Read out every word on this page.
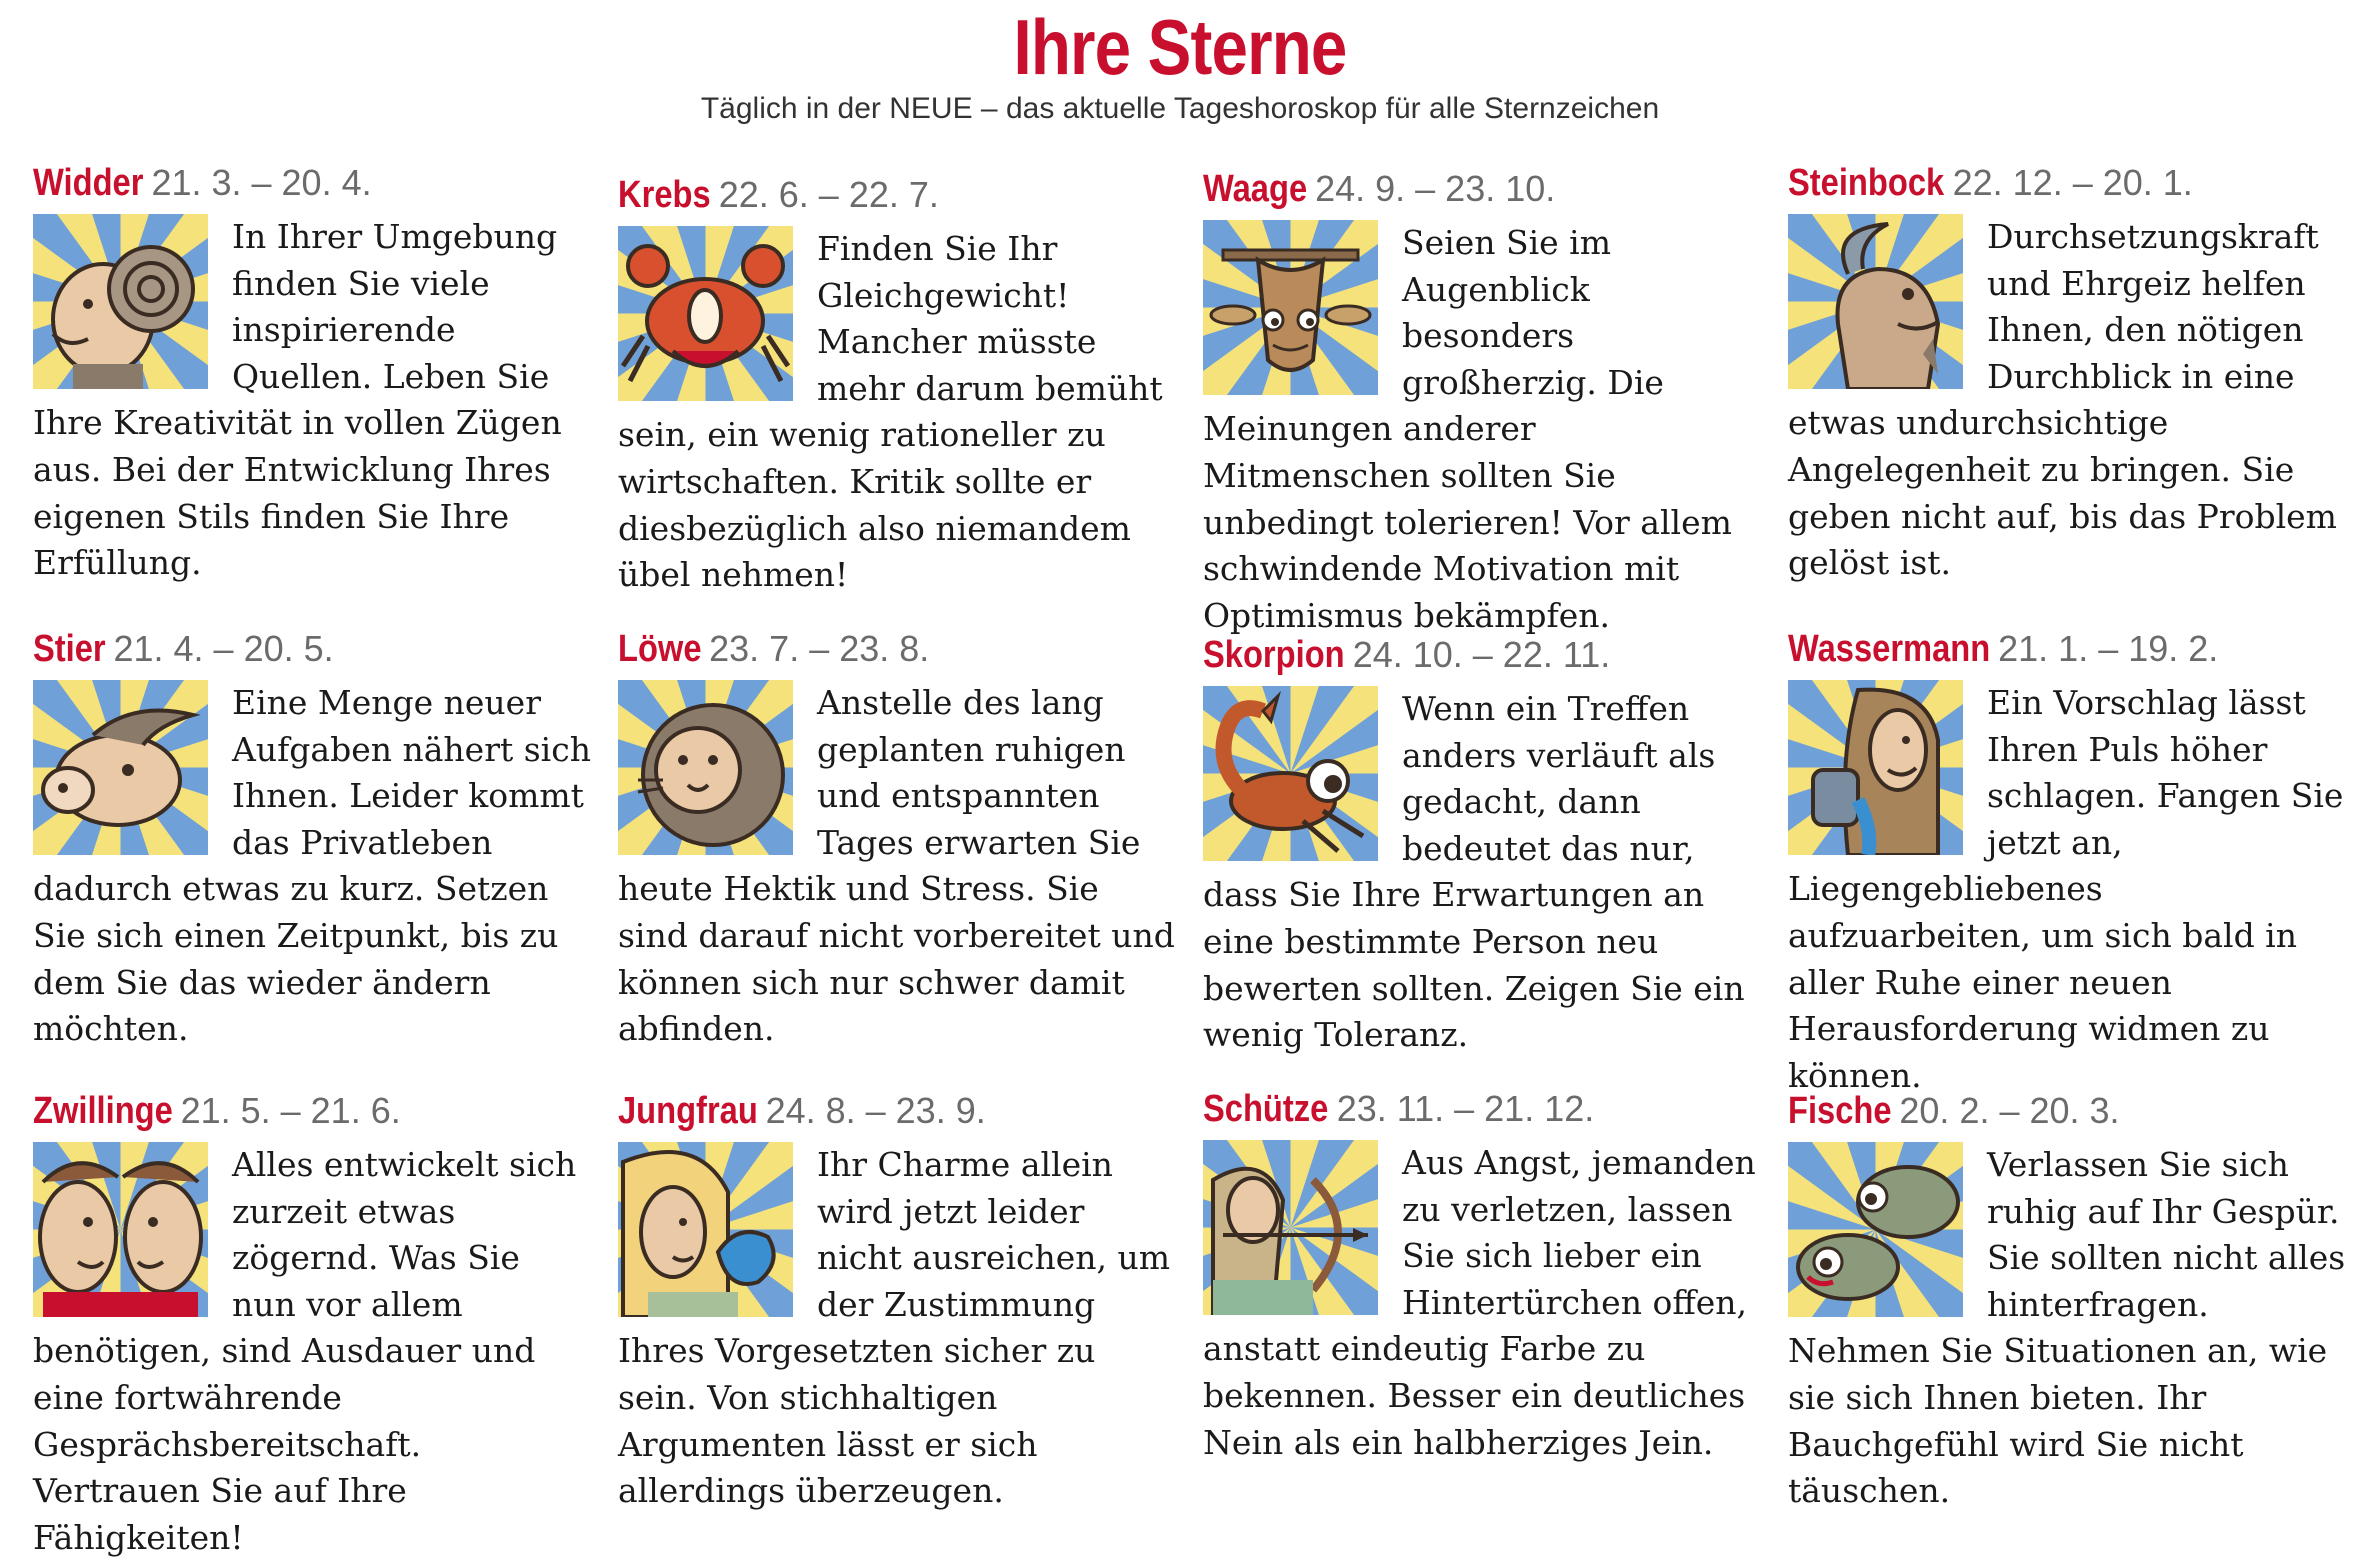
Ihre Sterne
Täglich in der NEUE – das aktuelle Tageshoroskop für alle Sternzeichen
Widder 21. 3. – 20. 4.
In Ihrer Umgebung finden Sie viele inspirierende Quellen. Leben Sie Ihre Kreativität in vollen Zügen aus. Bei der Entwicklung Ihres eigenen Stils finden Sie Ihre Erfüllung.
Krebs 22. 6. – 22. 7.
Finden Sie Ihr Gleichgewicht! Mancher müsste mehr darum bemüht sein, ein wenig rationeller zu wirtschaften. Kritik sollte er diesbezüglich also niemandem übel nehmen!
Waage 24. 9. – 23. 10.
Seien Sie im Augenblick besonders großherzig. Die Meinungen anderer Mitmenschen sollten Sie unbedingt tolerieren! Vor allem schwindende Motivation mit Optimismus bekämpfen.
Steinbock 22. 12. – 20. 1.
Durchsetzungskraft und Ehrgeiz helfen Ihnen, den nötigen Durchblick in eine etwas undurchsichtige Angelegenheit zu bringen. Sie geben nicht auf, bis das Problem gelöst ist.
Stier 21. 4. – 20. 5.
Eine Menge neuer Aufgaben nähert sich Ihnen. Leider kommt das Privatleben dadurch etwas zu kurz. Setzen Sie sich einen Zeitpunkt, bis zu dem Sie das wieder ändern möchten.
Löwe 23. 7. – 23. 8.
Anstelle des lang geplanten ruhigen und entspannten Tages erwarten Sie heute Hektik und Stress. Sie sind darauf nicht vorbereitet und können sich nur schwer damit abfinden.
Skorpion 24. 10. – 22. 11.
Wenn ein Treffen anders verläuft als gedacht, dann bedeutet das nur, dass Sie Ihre Erwartungen an eine bestimmte Person neu bewerten sollten. Zeigen Sie ein wenig Toleranz.
Wassermann 21. 1. – 19. 2.
Ein Vorschlag lässt Ihren Puls höher schlagen. Fangen Sie jetzt an, Liegengebliebenes aufzuarbeiten, um sich bald in aller Ruhe einer neuen Herausforderung widmen zu können.
Zwillinge 21. 5. – 21. 6.
Alles entwickelt sich zurzeit etwas zögernd. Was Sie nun vor allem benötigen, sind Ausdauer und eine fortwährende Gesprächsbereitschaft. Vertrauen Sie auf Ihre Fähigkeiten!
Jungfrau 24. 8. – 23. 9.
Ihr Charme allein wird jetzt leider nicht ausreichen, um der Zustimmung Ihres Vorgesetzten sicher zu sein. Von stichhaltigen Argumenten lässt er sich allerdings überzeugen.
Schütze 23. 11. – 21. 12.
Aus Angst, jemanden zu verletzen, lassen Sie sich lieber ein Hintertürchen offen, anstatt eindeutig Farbe zu bekennen. Besser ein deutliches Nein als ein halbherziges Jein.
Fische 20. 2. – 20. 3.
Verlassen Sie sich ruhig auf Ihr Gespür. Sie sollten nicht alles hinterfragen. Nehmen Sie Situationen an, wie sie sich Ihnen bieten. Ihr Bauchgefühl wird Sie nicht täuschen.
